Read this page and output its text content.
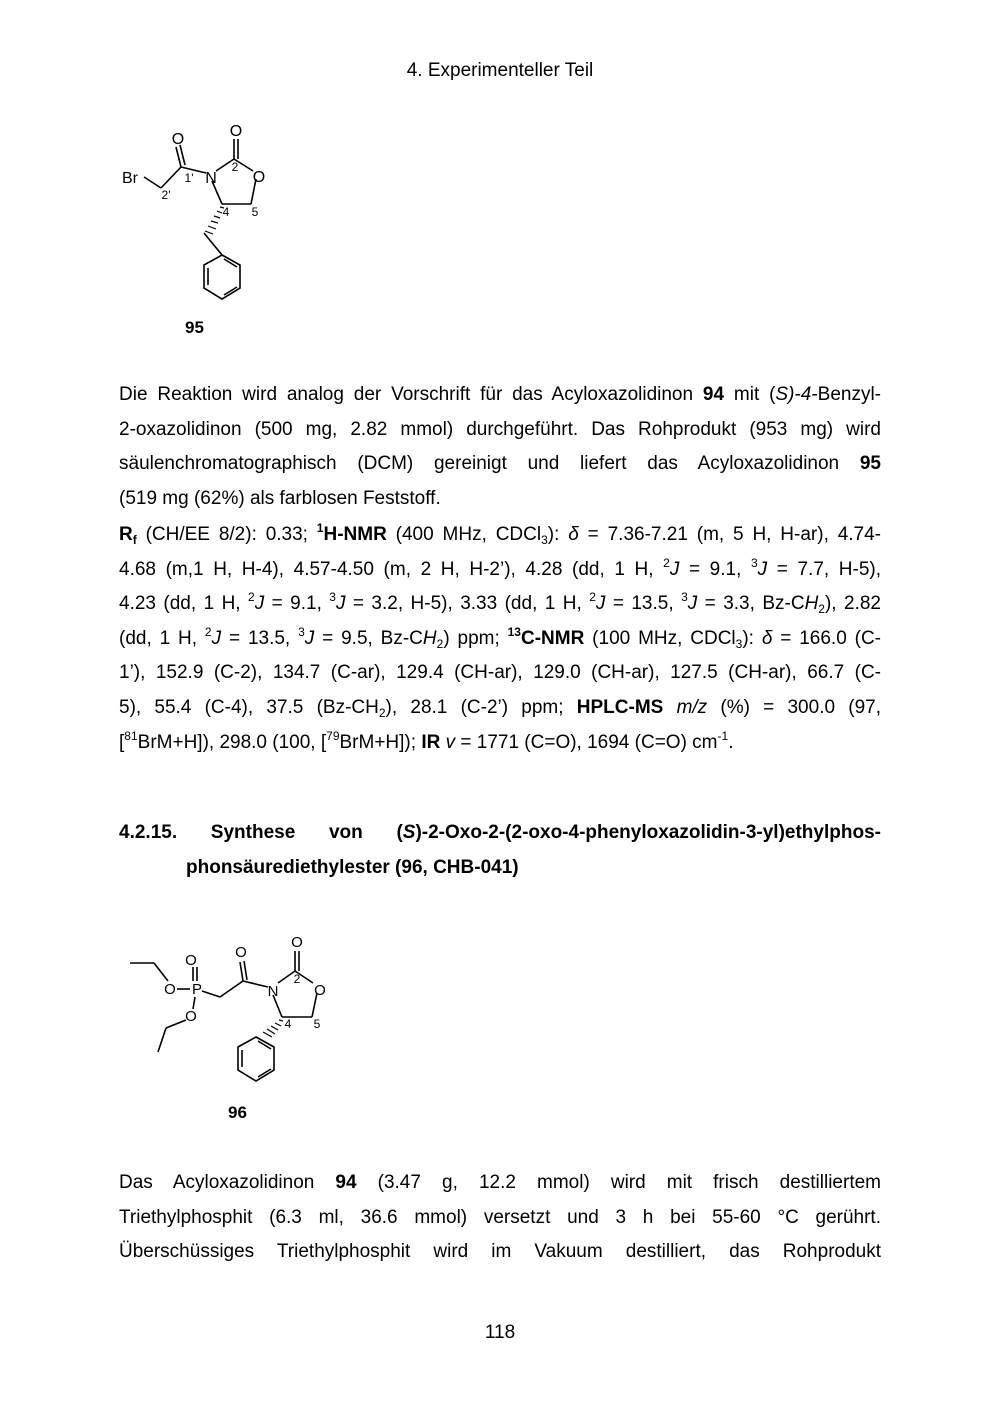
4. Experimenteller Teil
O	O
Br	N O
1'
2'
2
4 5
95
Die Reaktion wird analog der Vorschrift für das Acyloxazolidinon 94 mit (S)-4-Benzyl-
2-oxazolidinon (500 mg, 2.82 mmol) durchgeführt. Das Rohprodukt (953 mg) wird
säulenchromatographisch (DCM) gereinigt und liefert das Acyloxazolidinon 95
(519 mg (62%) als farblosen Feststoff.
$R_f$ (CH/EE 8/2): 0.33; $^1$H-NMR (400 MHz, CDCl$_3$): δ = 7.36-7.21 (m, 5 H, H-ar), 4.74-
4.68 (m,1 H, H-4), 4.57-4.50 (m, 2 H, H-2’), 4.28 (dd, 1 H, $^2$J = 9.1, $^3$J = 7.7, H-5),
4.23 (dd, 1 H, $^2$J = 9.1, $^3$J = 3.2, H-5), 3.33 (dd, 1 H, $^2$J = 13.5, $^3$J = 3.3, $Bz-CH_2$), 2.82
(dd, 1 H, $^2$J = 13.5, $^3$J = 9.5, $Bz-CH_2$) ppm; $^{13}$C-NMR (100 MHz, CDCl$_3$): δ = 166.0 (C-
1’), 152.9 (C-2), 134.7 (C-ar), 129.4 (CH-ar), 129.0 (CH-ar), 127.5 (CH-ar), 66.7 (C-
5), 55.4 (C-4), 37.5 $(Bz-CH_2)$, 28.1 (C-2’) ppm; HPLC-MS m/z (%) = 300.0 (97,
[$^{81}$BrM+H]), 298.0 (100, [$^{79}$BrM+H]); IR v = 1771 (C=O), 1694 (C=O) $cm^{-1}$.
4.2.15. Synthese von (S)-2-Oxo-2-(2-oxo-4-phenyloxazolidin-3-yl)ethylphos-
phonsäurediethylester (96, CHB-041)
O	O
O
O P
O
N O
2
4 5
96
Das Acyloxazolidinon 94 (3.47 g, 12.2 mmol) wird mit frisch destilliertem
Triethylphosphit (6.3 ml, 36.6 mmol) versetzt und 3 h bei 55-60 °C gerührt.
Überschüssiges Triethylphosphit wird im Vakuum destilliert, das Rohprodukt
118
